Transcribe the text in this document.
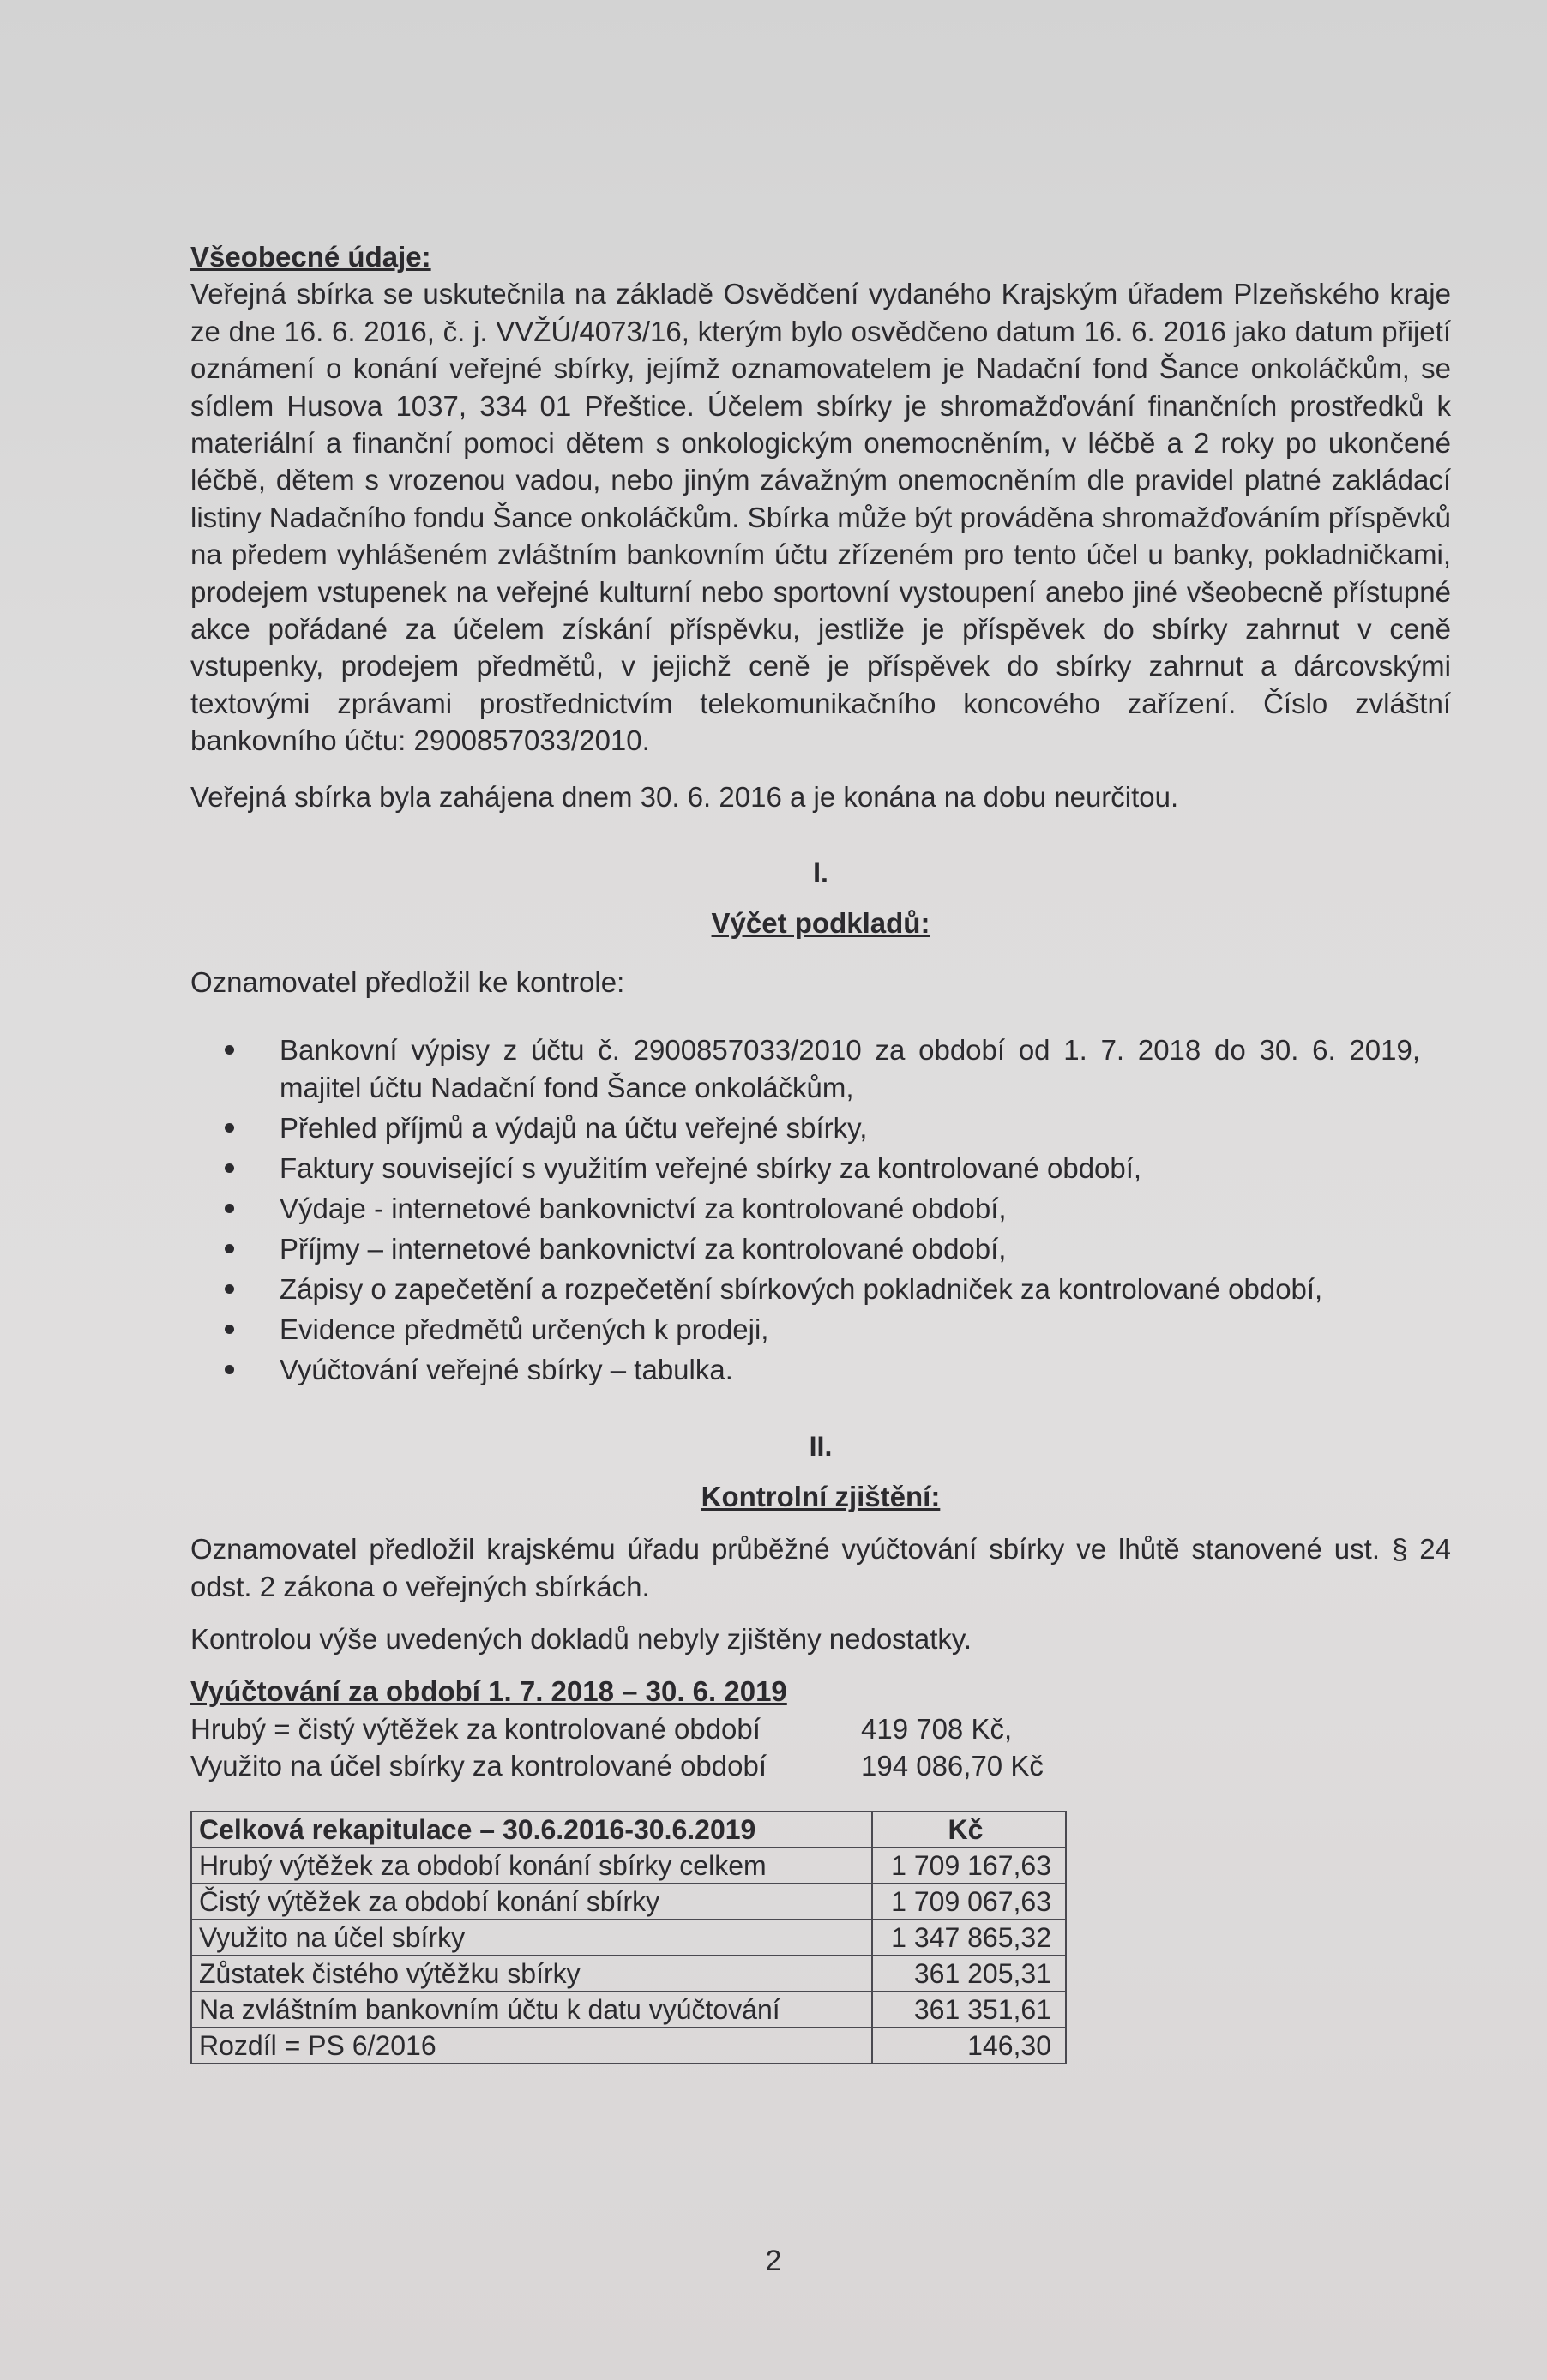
Všeobecné údaje:

Veřejná sbírka se uskutečnila na základě Osvědčení vydaného Krajským úřadem Plzeňského kraje ze dne 16. 6. 2016, č. j. VVŽÚ/4073/16, kterým bylo osvědčeno datum 16. 6. 2016 jako datum přijetí oznámení o konání veřejné sbírky, jejímž oznamovatelem je Nadační fond Šance onkoláčkům, se sídlem Husova 1037, 334 01 Přeštice. Účelem sbírky je shromažďování finančních prostředků k materiální a finanční pomoci dětem s onkologickým onemocněním, v léčbě a 2 roky po ukončené léčbě, dětem s vrozenou vadou, nebo jiným závažným onemocněním dle pravidel platné zakládací listiny Nadačního fondu Šance onkoláčkům. Sbírka může být prováděna shromažďováním příspěvků na předem vyhlášeném zvláštním bankovním účtu zřízeném pro tento účel u banky, pokladničkami, prodejem vstupenek na veřejné kulturní nebo sportovní vystoupení anebo jiné všeobecně přístupné akce pořádané za účelem získání příspěvku, jestliže je příspěvek do sbírky zahrnut v ceně vstupenky, prodejem předmětů, v jejichž ceně je příspěvek do sbírky zahrnut a dárcovskými textovými zprávami prostřednictvím telekomunikačního koncového zařízení. Číslo zvláštní bankovního účtu: 2900857033/2010.

Veřejná sbírka byla zahájena dnem 30. 6. 2016 a je konána na dobu neurčitou.

I.
Výčet podkladů:
Oznamovatel předložil ke kontrole:
Bankovní výpisy z účtu č. 2900857033/2010 za období od 1. 7. 2018 do 30. 6. 2019, majitel účtu Nadační fond Šance onkoláčkům,
Přehled příjmů a výdajů na účtu veřejné sbírky,
Faktury související s využitím veřejné sbírky za kontrolované období,
Výdaje - internetové bankovnictví za kontrolované období,
Příjmy – internetové bankovnictví za kontrolované období,
Zápisy o zapečetění a rozpečetění sbírkových pokladniček za kontrolované období,
Evidence předmětů určených k prodeji,
Vyúčtování veřejné sbírky – tabulka.
II.
Kontrolní zjištění:

Oznamovatel předložil krajskému úřadu průběžné vyúčtování sbírky ve lhůtě stanovené ust. § 24 odst. 2 zákona o veřejných sbírkách.

Kontrolou výše uvedených dokladů nebyly zjištěny nedostatky.

Vyúčtování za období 1. 7. 2018 – 30. 6. 2019
Hrubý = čistý výtěžek za kontrolované období	419 708 Kč,
Využito na účel sbírky za kontrolované období	194 086,70 Kč
Celková rekapitulace – 30.6.2016-30.6.2019	Kč
Hrubý výtěžek za období konání sbírky celkem	1 709 167,63
Čistý výtěžek za období konání sbírky	1 709 067,63
Využito na účel sbírky	1 347 865,32
Zůstatek čistého výtěžku sbírky	361 205,31
Na zvláštním bankovním účtu k datu vyúčtování	361 351,61
Rozdíl = PS 6/2016	146,30
2
